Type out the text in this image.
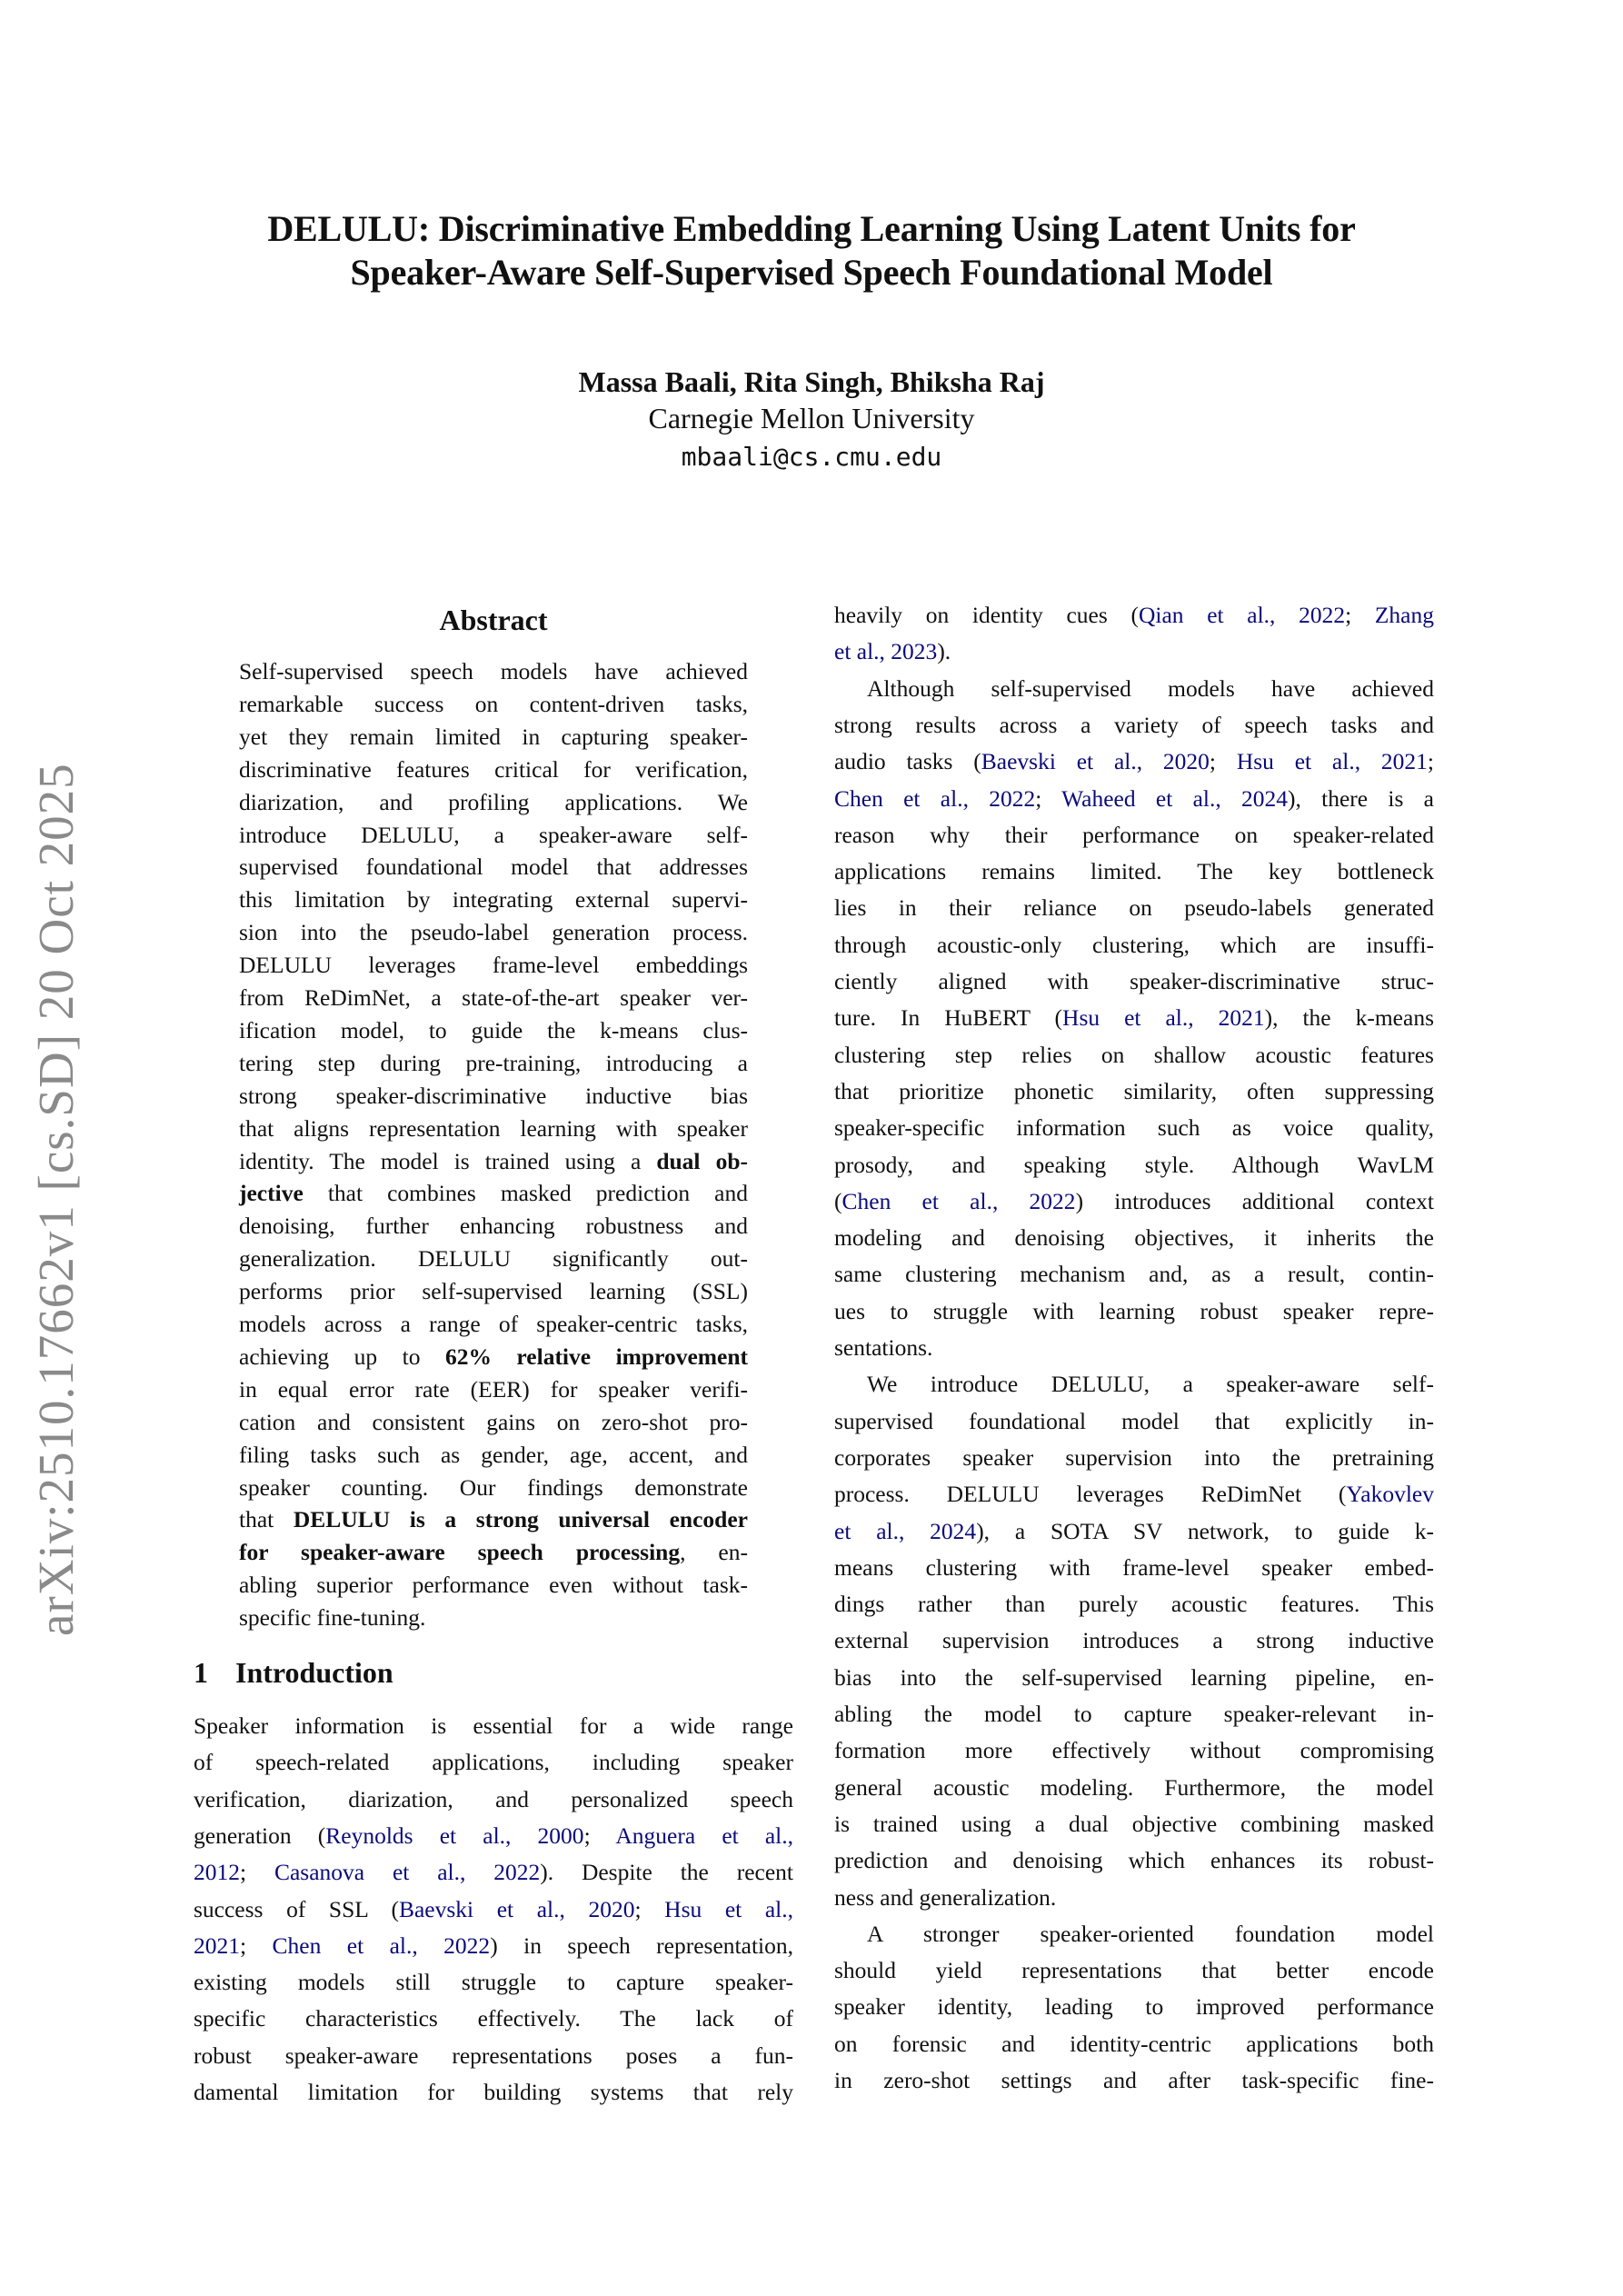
DELULU: Discriminative Embedding Learning Using Latent Units for
Speaker-Aware Self-Supervised Speech Foundational Model
Massa Baali, Rita Singh, Bhiksha Raj
Carnegie Mellon University
mbaali@cs.cmu.edu
arXiv:2510.17662v1 [cs.SD] 20 Oct 2025
Abstract
Self-supervised speech models have achieved
remarkable success on content-driven tasks,
yet they remain limited in capturing speaker-
discriminative features critical for verification,
diarization, and profiling applications. We
introduce DELULU, a speaker-aware self-
supervised foundational model that addresses
this limitation by integrating external supervi-
sion into the pseudo-label generation process.
DELULU leverages frame-level embeddings
from ReDimNet, a state-of-the-art speaker ver-
ification model, to guide the k-means clus-
tering step during pre-training, introducing a
strong speaker-discriminative inductive bias
that aligns representation learning with speaker
identity. The model is trained using a dual ob-
jective that combines masked prediction and
denoising, further enhancing robustness and
generalization. DELULU significantly out-
performs prior self-supervised learning (SSL)
models across a range of speaker-centric tasks,
achieving up to 62% relative improvement
in equal error rate (EER) for speaker verifi-
cation and consistent gains on zero-shot pro-
filing tasks such as gender, age, accent, and
speaker counting. Our findings demonstrate
that DELULU is a strong universal encoder
for speaker-aware speech processing, en-
abling superior performance even without task-
specific fine-tuning.
1 Introduction
Speaker information is essential for a wide range
of speech-related applications, including speaker
verification, diarization, and personalized speech
generation (Reynolds et al., 2000; Anguera et al.,
2012; Casanova et al., 2022). Despite the recent
success of SSL (Baevski et al., 2020; Hsu et al.,
2021; Chen et al., 2022) in speech representation,
existing models still struggle to capture speaker-
specific characteristics effectively. The lack of
robust speaker-aware representations poses a fun-
damental limitation for building systems that rely
heavily on identity cues (Qian et al., 2022; Zhang
et al., 2023).
Although self-supervised models have achieved
strong results across a variety of speech tasks and
audio tasks (Baevski et al., 2020; Hsu et al., 2021;
Chen et al., 2022; Waheed et al., 2024), there is a
reason why their performance on speaker-related
applications remains limited. The key bottleneck
lies in their reliance on pseudo-labels generated
through acoustic-only clustering, which are insuffi-
ciently aligned with speaker-discriminative struc-
ture. In HuBERT (Hsu et al., 2021), the k-means
clustering step relies on shallow acoustic features
that prioritize phonetic similarity, often suppressing
speaker-specific information such as voice quality,
prosody, and speaking style. Although WavLM
(Chen et al., 2022) introduces additional context
modeling and denoising objectives, it inherits the
same clustering mechanism and, as a result, contin-
ues to struggle with learning robust speaker repre-
sentations.
We introduce DELULU, a speaker-aware self-
supervised foundational model that explicitly in-
corporates speaker supervision into the pretraining
process. DELULU leverages ReDimNet (Yakovlev
et al., 2024), a SOTA SV network, to guide k-
means clustering with frame-level speaker embed-
dings rather than purely acoustic features. This
external supervision introduces a strong inductive
bias into the self-supervised learning pipeline, en-
abling the model to capture speaker-relevant in-
formation more effectively without compromising
general acoustic modeling. Furthermore, the model
is trained using a dual objective combining masked
prediction and denoising which enhances its robust-
ness and generalization.
A stronger speaker-oriented foundation model
should yield representations that better encode
speaker identity, leading to improved performance
on forensic and identity-centric applications both
in zero-shot settings and after task-specific fine-
